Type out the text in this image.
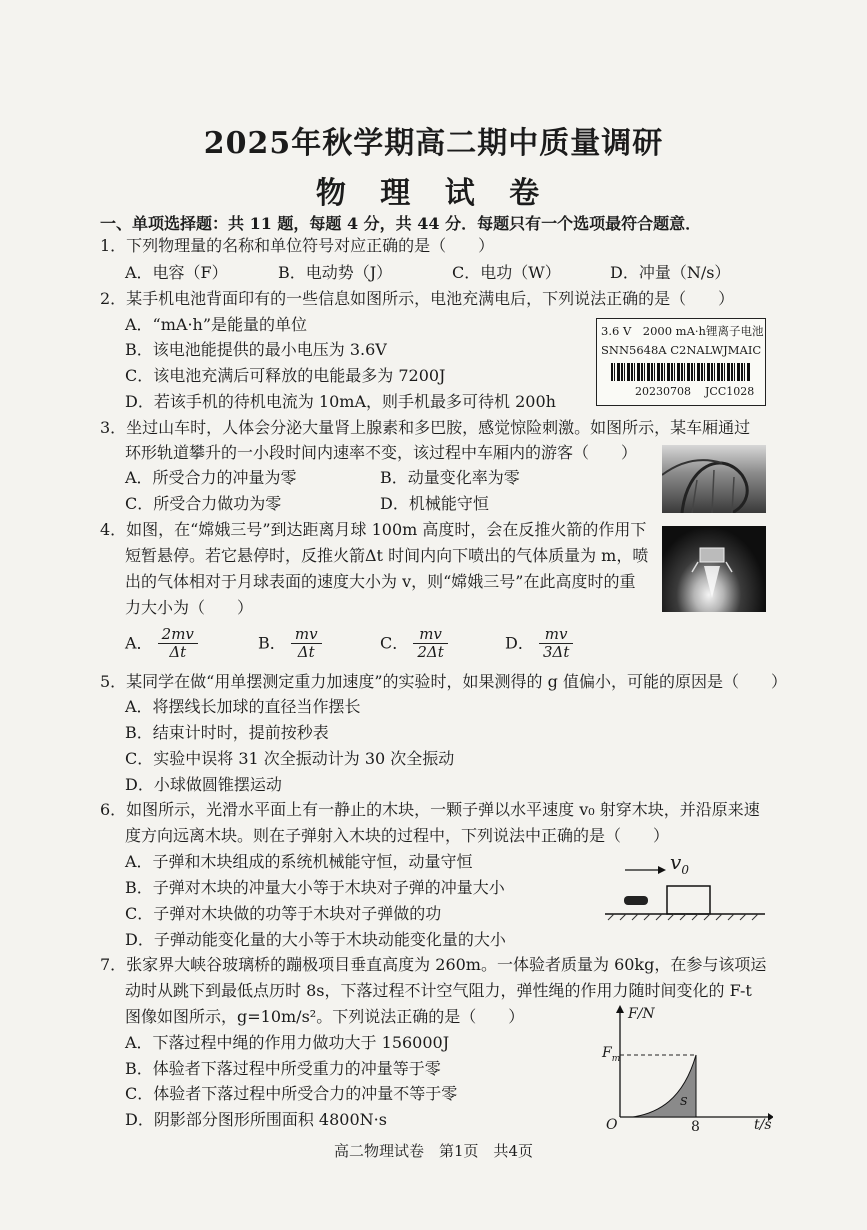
2025年秋学期高二期中质量调研
物 理 试 卷
一、单项选择题：共 11 题，每题 4 分，共 44 分．每题只有一个选项最符合题意．
1．下列物理量的名称和单位符号对应正确的是（　　）
A．电容（F）	B．电动势（J）	C．电功（W）	D．冲量（N/s）
2．某手机电池背面印有的一些信息如图所示，电池充满电后，下列说法正确的是（　　）
A．“mA·h”是能量的单位
B．该电池能提供的最小电压为 3.6V
C．该电池充满后可释放的电能最多为 7200J
D．若该手机的待机电流为 10mA，则手机最多可待机 200h
3.6 V　2000 mA·h锂离子电池
SNN5648A C2NALWJMAIC
20230708 JCC1028
3．坐过山车时，人体会分泌大量肾上腺素和多巴胺，感觉惊险刺激。如图所示，某车厢通过
环形轨道攀升的一小段时间内速率不变，该过程中车厢内的游客（　　）
A．所受合力的冲量为零	B．动量变化率为零
C．所受合力做功为零	D．机械能守恒
4．如图，在“嫦娥三号”到达距离月球 100m 高度时，会在反推火箭的作用下
短暂悬停。若它悬停时，反推火箭Δt 时间内向下喷出的气体质量为 m，喷
出的气体相对于月球表面的速度大小为 v，则“嫦娥三号”在此高度时的重
力大小为（　　）
A． $\frac{2mv}{\Delta t}$	B． $\frac{mv}{\Delta t}$	C． $\frac{mv}{2\Delta t}$	D． $\frac{mv}{3\Delta t}$
5．某同学在做“用单摆测定重力加速度”的实验时，如果测得的 g 值偏小，可能的原因是（　　）
A．将摆线长加球的直径当作摆长
B．结束计时时，提前按秒表
C．实验中误将 31 次全振动计为 30 次全振动
D．小球做圆锥摆运动
6．如图所示，光滑水平面上有一静止的木块，一颗子弹以水平速度 v₀ 射穿木块，并沿原来速
度方向远离木块。则在子弹射入木块的过程中，下列说法中正确的是（　　）
A．子弹和木块组成的系统机械能守恒，动量守恒
B．子弹对木块的冲量大小等于木块对子弹的冲量大小
C．子弹对木块做的功等于木块对子弹做的功
D．子弹动能变化量的大小等于木块动能变化量的大小
$v_0$
7．张家界大峡谷玻璃桥的蹦极项目垂直高度为 260m。一体验者质量为 60kg，在参与该项运
动时从跳下到最低点历时 8s，下落过程不计空气阻力，弹性绳的作用力随时间变化的 F-t
图像如图所示，g=10m/s²。下列说法正确的是（　　）
A．下落过程中绳的作用力做功大于 156000J
B．体验者下落过程中所受重力的冲量等于零
C．体验者下落过程中所受合力的冲量不等于零
D．阴影部分图形所围面积 4800N·s
F/N
t/s
O	8
$F_m$
S
高二物理试卷　第1页　共4页
